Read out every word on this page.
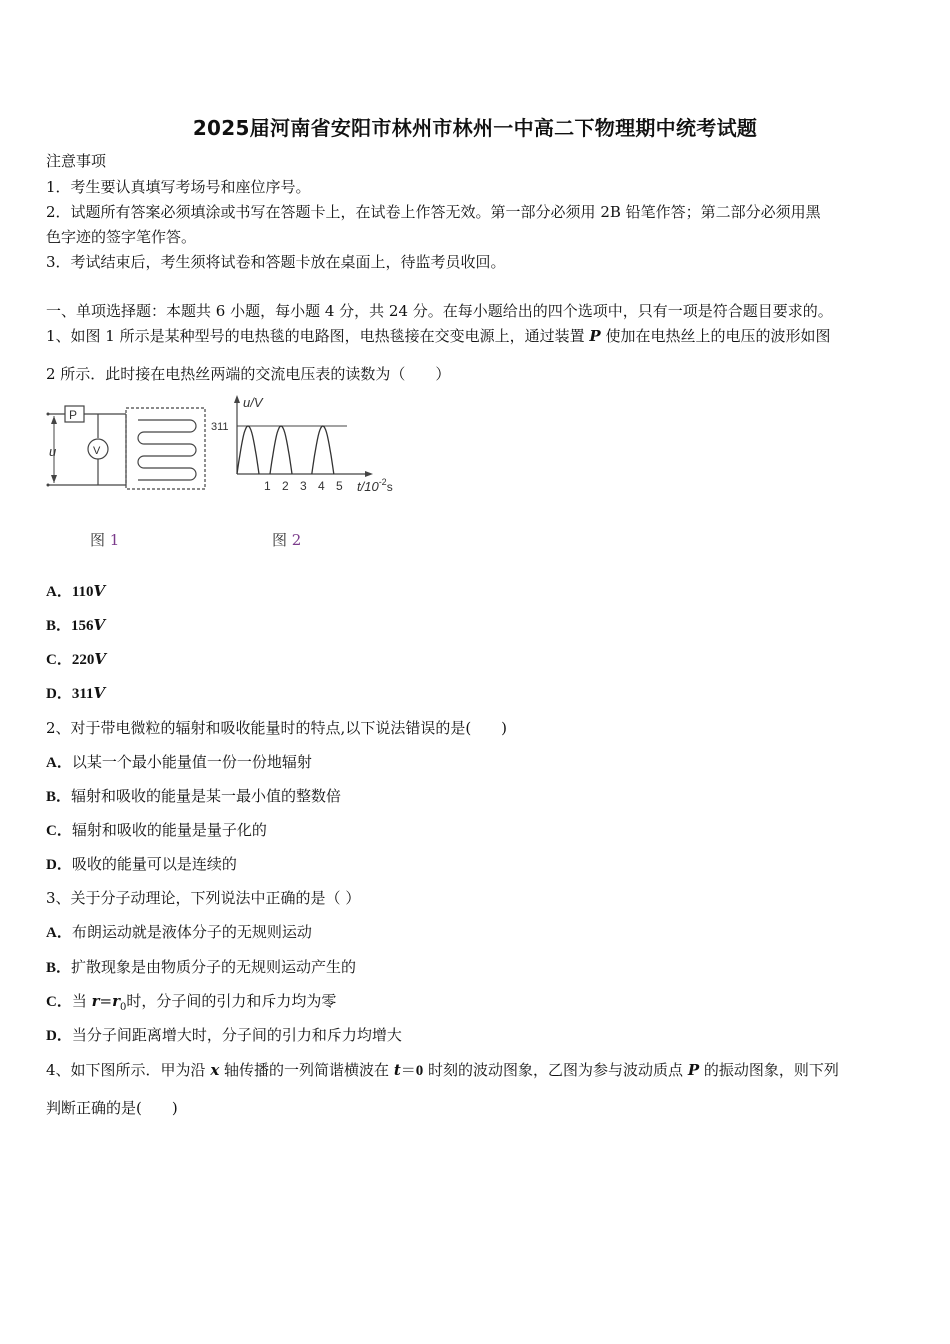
2025届河南省安阳市林州市林州一中高二下物理期中统考试题
注意事项
1．考生要认真填写考场号和座位序号。
2．试题所有答案必须填涂或书写在答题卡上，在试卷上作答无效。第一部分必须用 2B 铅笔作答；第二部分必须用黑
色字迹的签字笔作答。
3．考试结束后，考生须将试卷和答题卡放在桌面上，待监考员收回。
一、单项选择题：本题共 6 小题，每小题 4 分，共 24 分。在每小题给出的四个选项中，只有一项是符合题目要求的。
1、如图 1 所示是某种型号的电热毯的电路图，电热毯接在交变电源上，通过装置 P 使加在电热丝上的电压的波形如图
2 所示．此时接在电热丝两端的交流电压表的读数为（　　）
P
V
u
1 2 3 4 5
u/V
311
$t/10^{-2}s$
图 1	图 2
A．110V
B．156V
C．220V
D．311V
2、对于带电微粒的辐射和吸收能量时的特点,以下说法错误的是(　　)
A．以某一个最小能量值一份一份地辐射
B．辐射和吸收的能量是某一最小值的整数倍
C．辐射和吸收的能量是量子化的
D．吸收的能量可以是连续的
3、关于分子动理论，下列说法中正确的是（ ）
A．布朗运动就是液体分子的无规则运动
B．扩散现象是由物质分子的无规则运动产生的
C．当 $r=r_0$时，分子间的引力和斥力均为零
D．当分子间距离增大时，分子间的引力和斥力均增大
4、如下图所示．甲为沿 x 轴传播的一列简谐横波在 t＝0 时刻的波动图象，乙图为参与波动质点 P 的振动图象，则下列
判断正确的是(　　)
